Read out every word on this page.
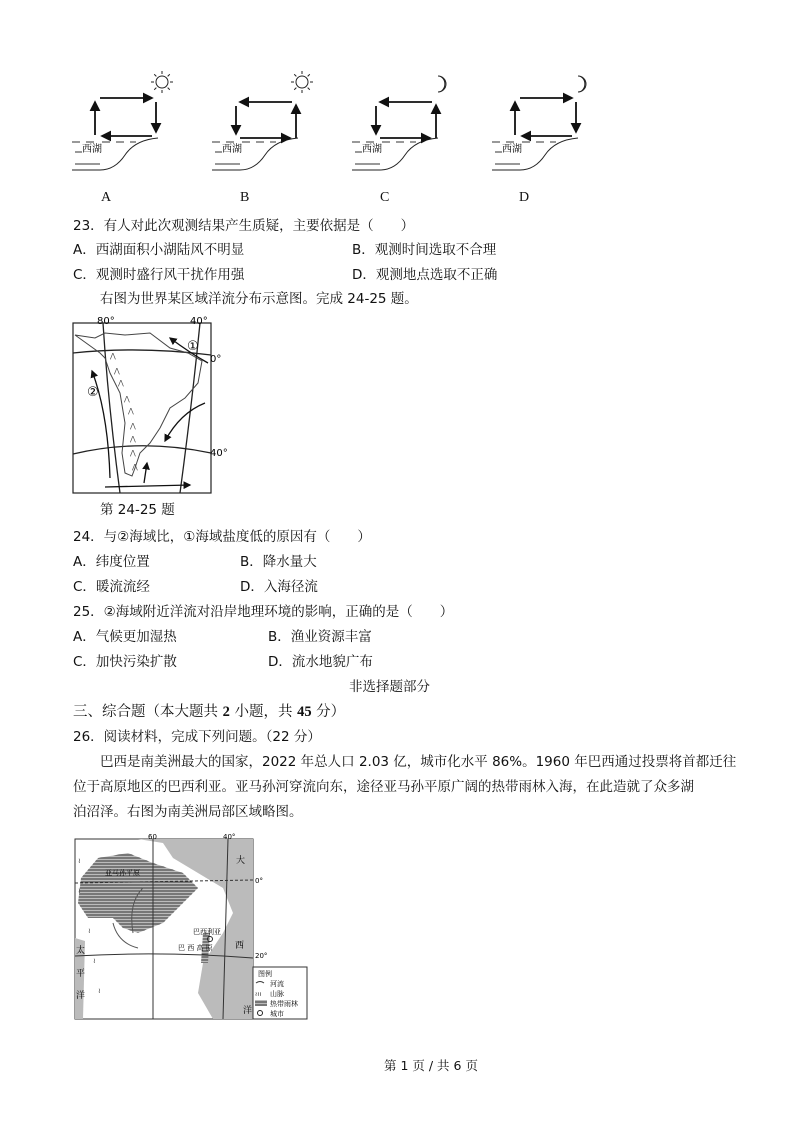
西湖	西湖	西湖	西湖
A	B	C	D
23．有人对此次观测结果产生质疑，主要依据是（　　）
A．西湖面积小湖陆风不明显	B．观测时间选取不合理
C．观测时盛行风干扰作用强	D．观测地点选取不正确
右图为世界某区域洋流分布示意图。完成 24-25 题。
⋀
⋀
⋀
⋀
⋀
⋀
⋀
⋀
⋀
80°	40°
0°
40°
①
②
第 24-25 题
24．与②海域比，①海域盐度低的原因有（　　）
A．纬度位置	B．降水量大
C．暖流流经	D．入海径流
25．②海域附近洋流对沿岸地理环境的影响，正确的是（　　）
A．气候更加湿热	B．渔业资源丰富
C．加快污染扩散	D．流水地貌广布
非选择题部分
三、综合题（本大题共 2 小题，共 45 分）
26．阅读材料，完成下列问题。（22 分）
巴西是南美洲最大的国家，2022 年总人口 2.03 亿，城市化水平 86%。1960 年巴西通过投票将首都迁往
位于高原地区的巴西利亚。亚马孙河穿流向东，途径亚马孙平原广阔的热带雨林入海，在此造就了众多湖
泊沼泽。右图为南美洲局部区域略图。
≀
≀
≀
≀
≀
亚马孙平原
巴西利亚
巴 西 高 原
60	40°
0°
20°
大
西
洋
太
平
洋
图例
河流
≀≀≀ 山脉
热带雨林
城市
第 1 页 / 共 6 页
